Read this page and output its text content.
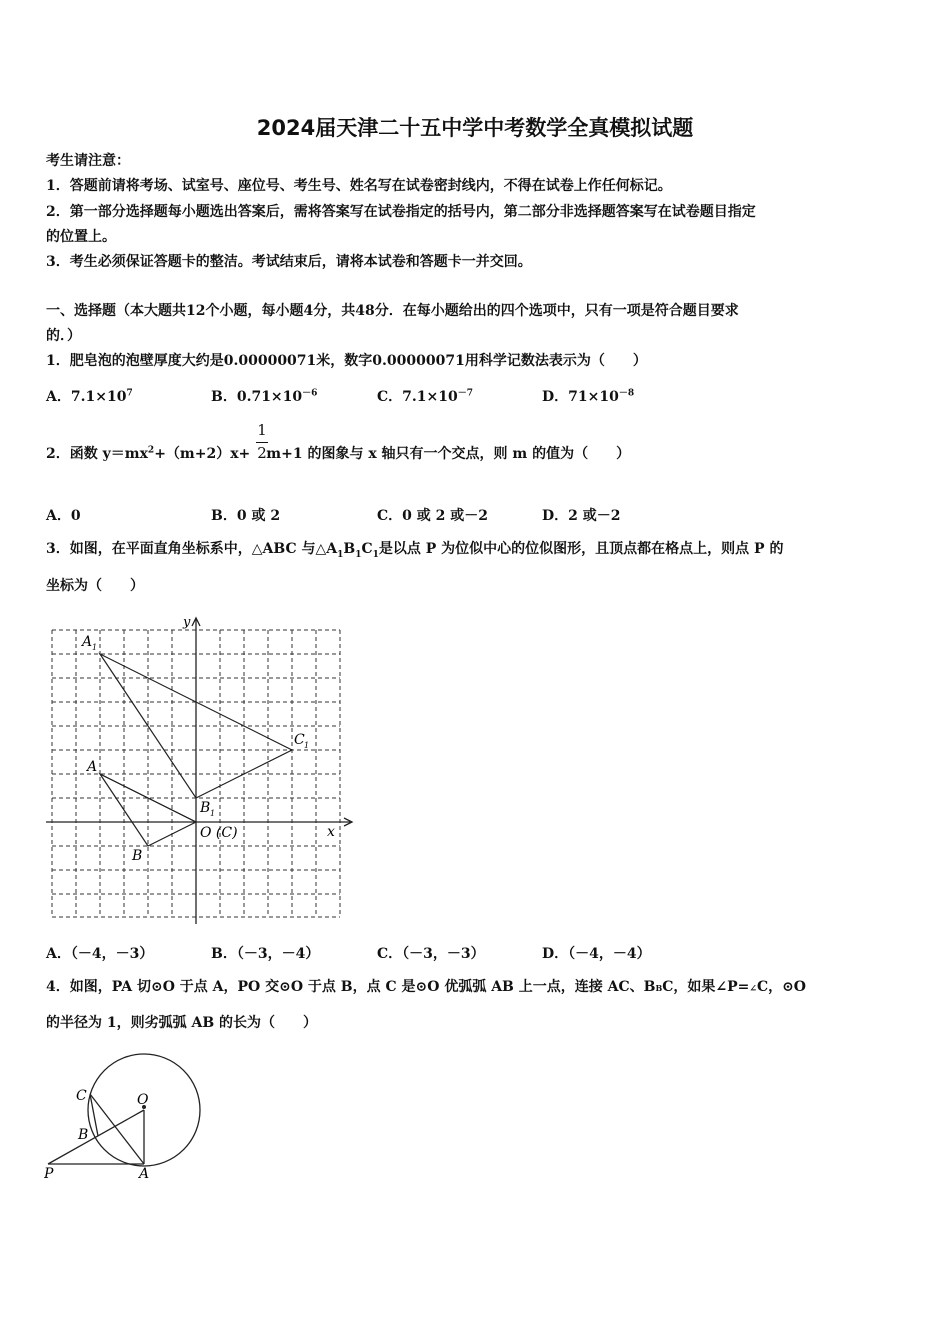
2024届天津二十五中学中考数学全真模拟试题
考生请注意：
1．答题前请将考场、试室号、座位号、考生号、姓名写在试卷密封线内，不得在试卷上作任何标记。
2．第一部分选择题每小题选出答案后，需将答案写在试卷指定的括号内，第二部分非选择题答案写在试卷题目指定
的位置上。
3．考生必须保证答题卡的整洁。考试结束后，请将本试卷和答题卡一并交回。
一、选择题（本大题共12个小题，每小题4分，共48分．在每小题给出的四个选项中，只有一项是符合题目要求
的．）
1．肥皂泡的泡壁厚度大约是0.00000071米，数字0.00000071用科学记数法表示为（　　）
A．$7.1\times 10^7$	B．$0.71\times 10^{-6}$	C．$7.1\times 10^{-7}$	D．$71\times 10^{-8}$
2．函数 $y=mx^2+(m+2)x+ m+1$ 的图象与 x 轴只有一个交点，则 m 的值为（　　）
1
2
A．0	B．0 或 2	C．0 或 2 或－2	D．2 或－2
3．如图，在平面直角坐标系中，△ABC 与$\triangle A_1B_1C_1$是以点 P 为位似中心的位似图形，且顶点都在格点上，则点 P 的
坐标为（　　）
y
x
A 1
C 1
A
B 1
O (C)
B
A．（－4，－3）	B．（－3，－4）	C．（－3，－3）	D．（－4，－4）
4．如图，PA 切⊙O 于点 A，PO 交⊙O 于点 B，点 C 是⊙O 优弧弧 AB 上一点，连接 AC、BBC，如果∠P=∠C，⊙O
的半径为 1，则劣弧弧 AB 的长为（　　）
C	O
B
P	A
